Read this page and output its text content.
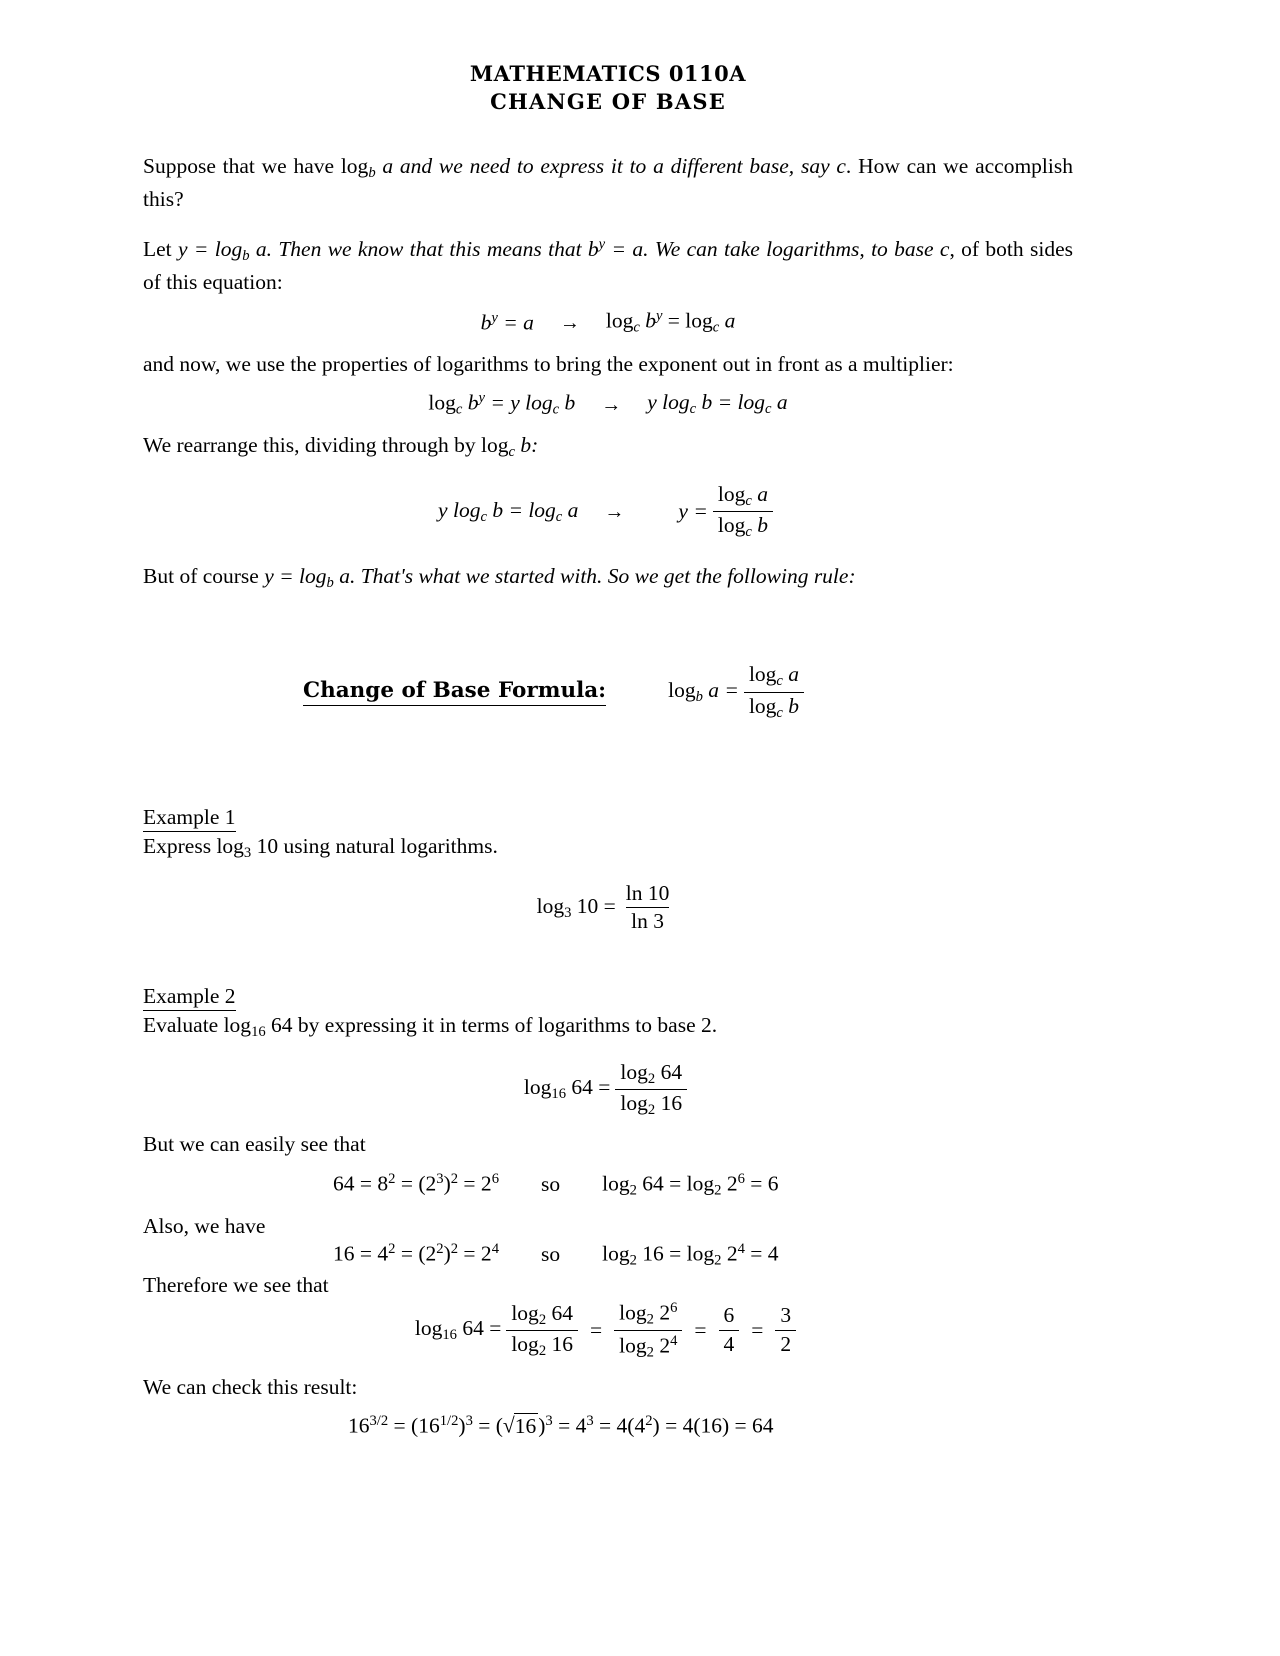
MATHEMATICS 0110A
CHANGE OF BASE

Suppose that we have $\log_b a$ and we need to express it to a different base, say c. How can we accomplish this?

Let $y = \log_b a$. Then we know that this means that $b^y = a$. We can take logarithms, to base c, of both sides of this equation:

$b^y = a \to \log_c b^y = \log_c a$

and now, we use the properties of logarithms to bring the exponent out in front as a multiplier:

$\log_c b^y = y$ $\log_c b \to y$ $\log_c b = \log_c a$

We rearrange this, dividing through by $\log_c b$:

y $\log_c b = \log_c a$ →	$y = \frac{\log_c a}{\log_c b}$

But of course $y = \log_b a$. That's what we started with. So we get the following rule:

Change of Base Formula:	$\log_b a = \frac{\log_c a}{\log_c b}$
Example 1
Express $\log_3 10$ using natural logarithms.
$\log_3 10 = \frac{\ln 10}{\ln 3}$
Example 2
Evaluate $\log_{16} 64$ by expressing it in terms of logarithms to base 2.
$\log_{16} 64 = \frac{\log_2 64}{\log_2 16}$

But we can easily see that

$64 = 8^2 = (2^3)^2 = 2^6$ so $\log_2 64 = \log_2 2^6 = 6$

Also, we have

$16 = 4^2 = (2^2)^2 = 2^4$ so $\log_2 16 = \log_2 2^4 = 4$

Therefore we see that

$\log_{16} 64 = \frac{\log_2 64}{\log_2 16} = \frac{\log_2 2^6}{\log_2 2^4} = \frac{6}{4} = \frac{3}{2}$

We can check this result:

$16^{3/2} = (16^{1/2})^3 = (√16)^3 = 4^3 = 4(4^2) = 4(16) = 64$
